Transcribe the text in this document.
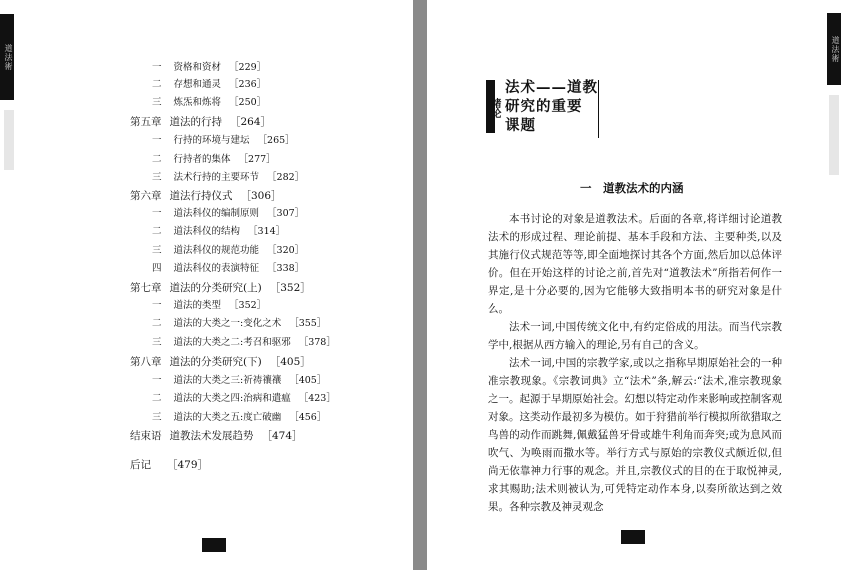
道法術	一 资格和资材 ［229］
二 存想和通灵 ［236］
三 炼炁和炼将 ［250］
第五章 道法的行持 ［264］
一 行持的环境与建坛 ［265］
二 行持者的集体 ［277］
三 法术行持的主要环节 ［282］
第六章 道法行持仪式 ［306］
一 道法科仪的编制原则 ［307］
二 道法科仪的结构 ［314］
三 道法科仪的规范功能 ［320］
四 道法科仪的表演特征 ［338］
第七章 道法的分类研究(上) ［352］
一 道法的类型 ［352］
二 道法的大类之一:变化之术 ［355］
三 道法的大类之二:考召和驱邪 ［378］
第八章 道法的分类研究(下) ［405］
一 道法的大类之三:祈祷禳禳 ［405］
二 道法的大类之四:治病和遣瘟 ［423］
三 道法的大类之五:度亡破幽 ［456］
结束语 道教法术发展趋势 ［474］
后记 ［479］
道法術
绪论
法术——道教
研究的重要
课题
一　道教法术的内涵
本书讨论的对象是道教法术。后面的各章,将详细讨论道教法术的形成过程、理论前提、基本手段和方法、主要种类,以及其施行仪式规范等等,即全面地探讨其各个方面,然后加以总体评价。但在开始这样的讨论之前,首先对“道教法术”所指若何作一界定,是十分必要的,因为它能够大致指明本书的研究对象是什么。
法术一词,中国传统文化中,有约定俗成的用法。而当代宗教学中,根据从西方输入的理论,另有自己的含义。
法术一词,中国的宗教学家,或以之指称早期原始社会的一种准宗教现象。《宗教词典》立“法术”条,解云:“法术,准宗教现象之一。起源于早期原始社会。幻想以特定动作来影响或控制客观对象。这类动作最初多为模仿。如于狩猎前举行模拟所欲猎取之鸟兽的动作而跳舞,佩戴猛兽牙骨或雄牛利角而奔突;或为息风而吹气、为唤雨而撒水等。举行方式与原始的宗教仪式颇近似,但尚无依靠神力行事的观念。并且,宗教仪式的目的在于取悦神灵,求其赐助;法术则被认为,可凭特定动作本身,以奏所欲达到之效果。各种宗教及神灵观念
